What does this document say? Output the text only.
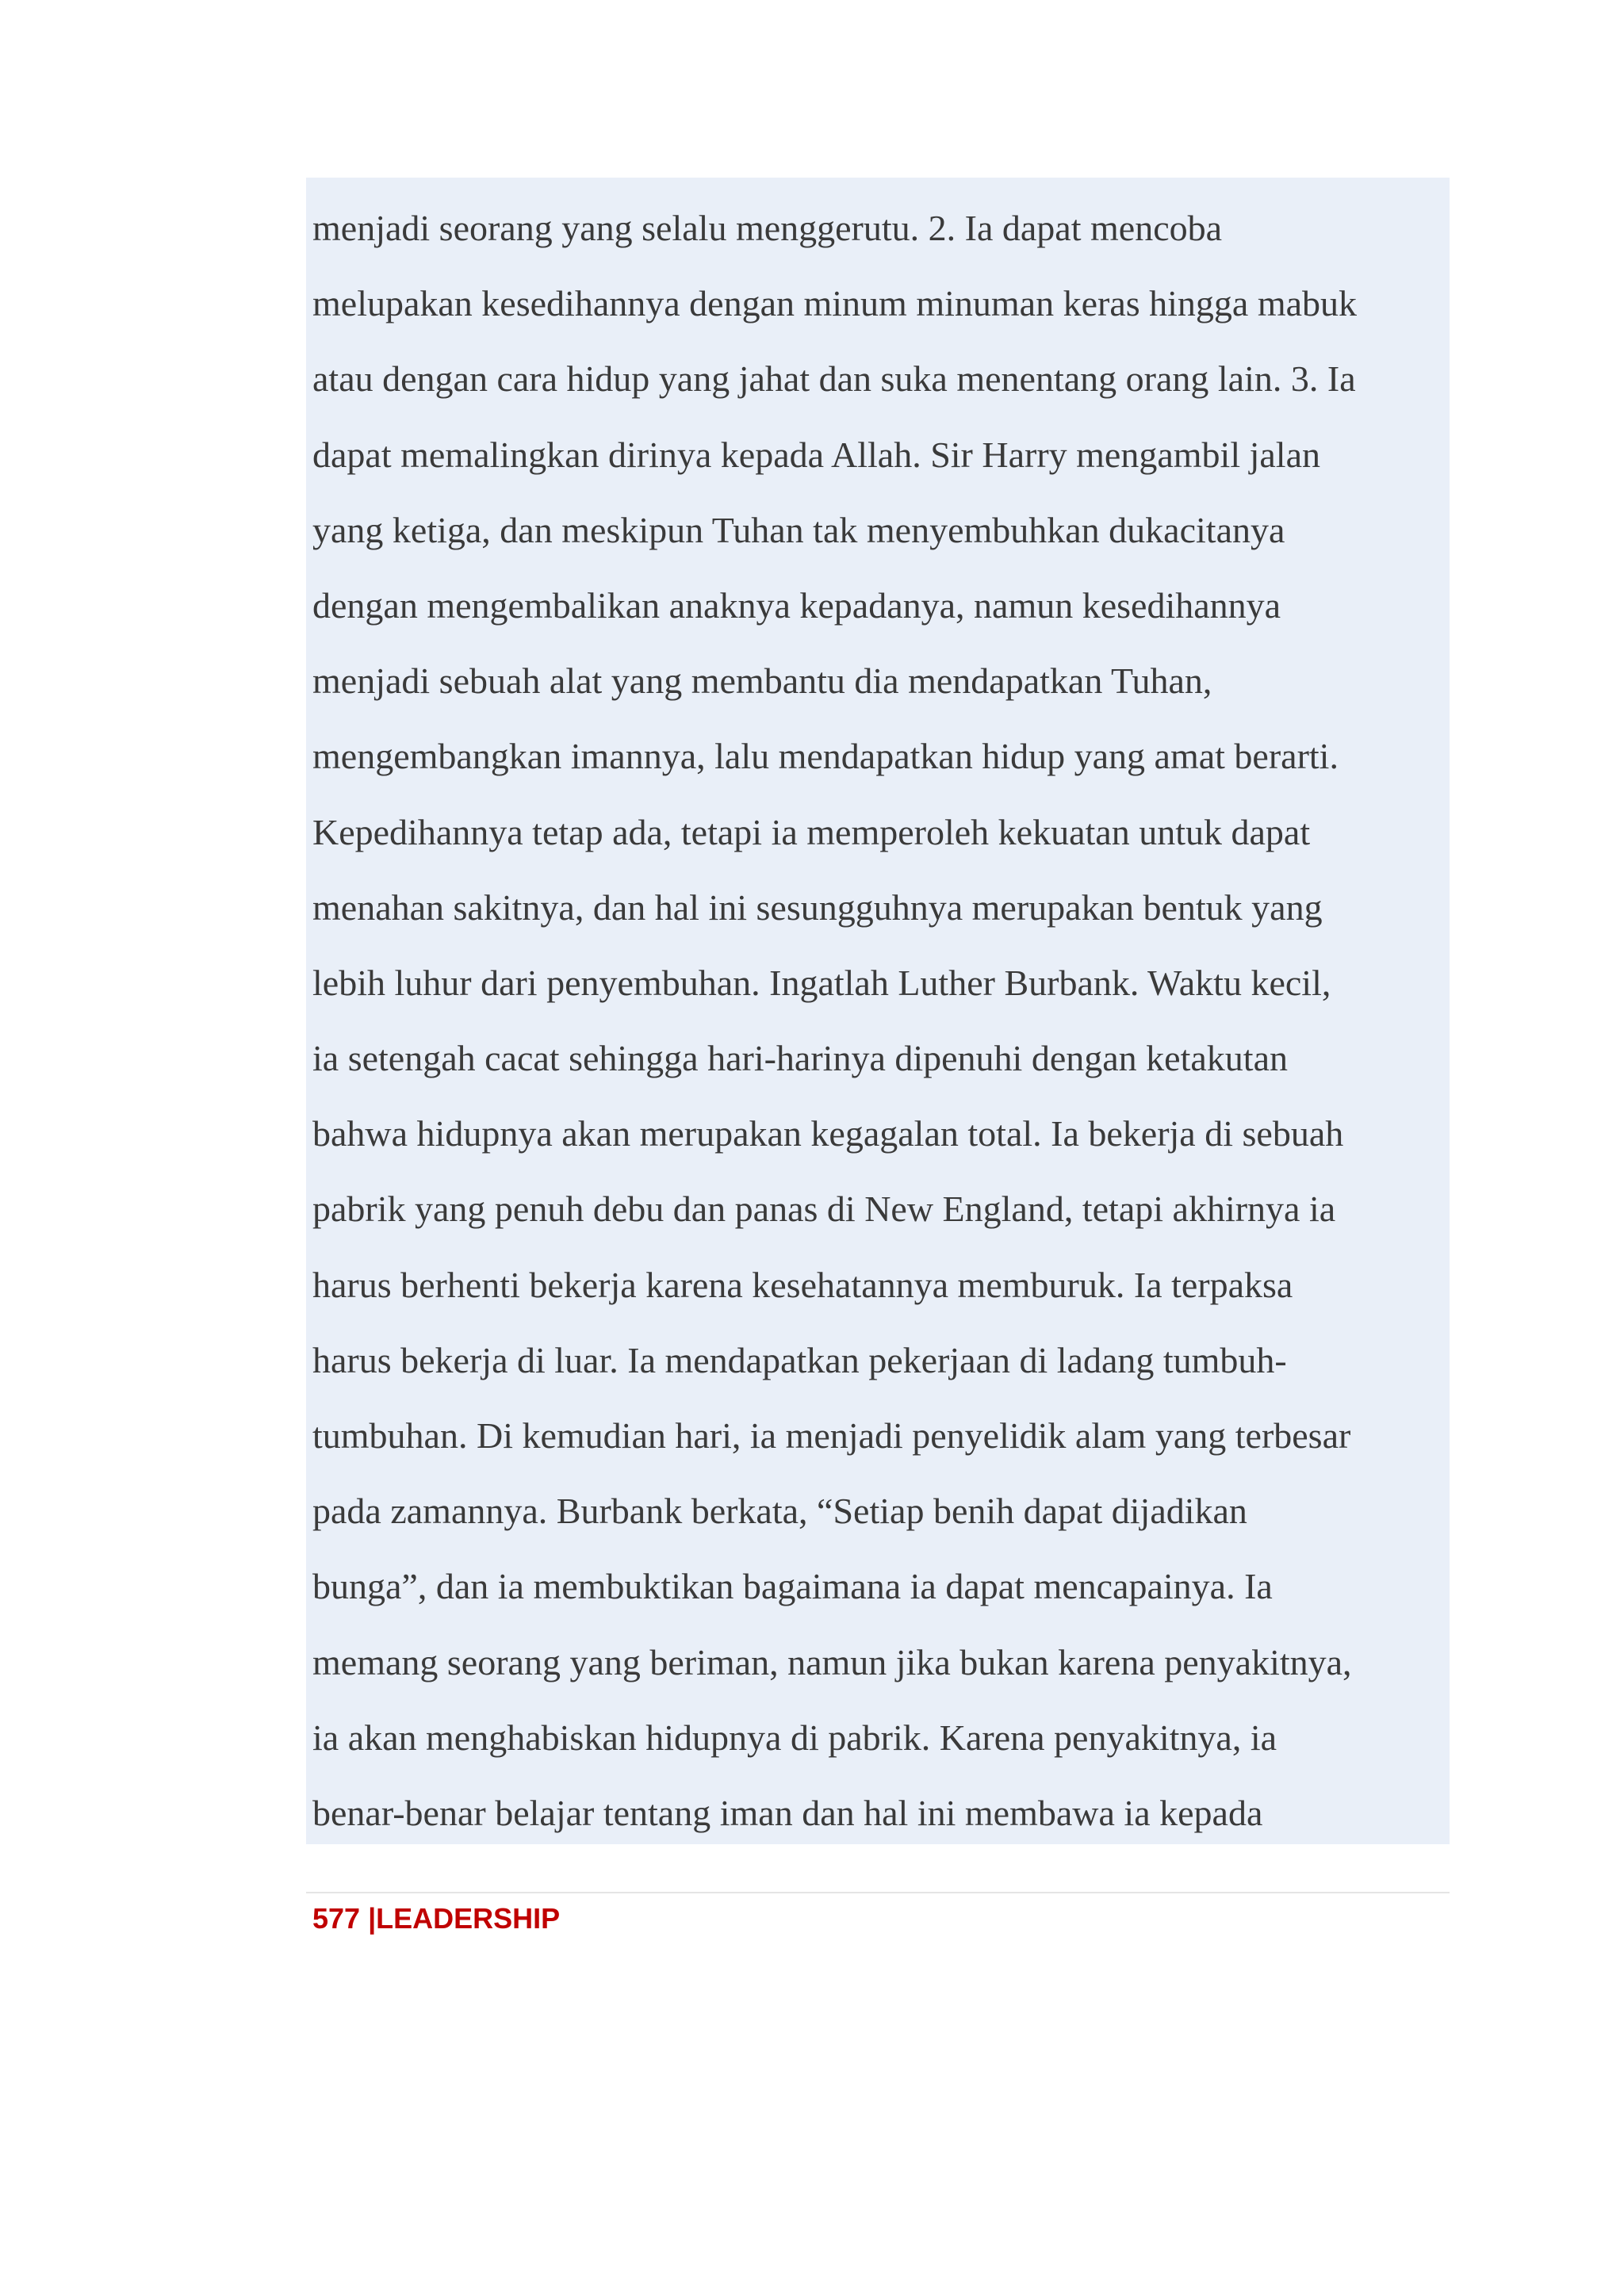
menjadi seorang yang selalu menggerutu. 2. Ia dapat mencoba
melupakan kesedihannya dengan minum minuman keras hingga mabuk
atau dengan cara hidup yang jahat dan suka menentang orang lain. 3. Ia
dapat memalingkan dirinya kepada Allah. Sir Harry mengambil jalan
yang ketiga, dan meskipun Tuhan tak menyembuhkan dukacitanya
dengan mengembalikan anaknya kepadanya, namun kesedihannya
menjadi sebuah alat yang membantu dia mendapatkan Tuhan,
mengembangkan imannya, lalu mendapatkan hidup yang amat berarti.
Kepedihannya tetap ada, tetapi ia memperoleh kekuatan untuk dapat
menahan sakitnya, dan hal ini sesungguhnya merupakan bentuk yang
lebih luhur dari penyembuhan. Ingatlah Luther Burbank. Waktu kecil,
ia setengah cacat sehingga hari-harinya dipenuhi dengan ketakutan
bahwa hidupnya akan merupakan kegagalan total. Ia bekerja di sebuah
pabrik yang penuh debu dan panas di New England, tetapi akhirnya ia
harus berhenti bekerja karena kesehatannya memburuk. Ia terpaksa
harus bekerja di luar. Ia mendapatkan pekerjaan di ladang tumbuh-
tumbuhan. Di kemudian hari, ia menjadi penyelidik alam yang terbesar
pada zamannya. Burbank berkata, “Setiap benih dapat dijadikan
bunga”, dan ia membuktikan bagaimana ia dapat mencapainya. Ia
memang seorang yang beriman, namun jika bukan karena penyakitnya,
ia akan menghabiskan hidupnya di pabrik. Karena penyakitnya, ia
benar-benar belajar tentang iman dan hal ini membawa ia kepada
577 |LEADERSHIP
